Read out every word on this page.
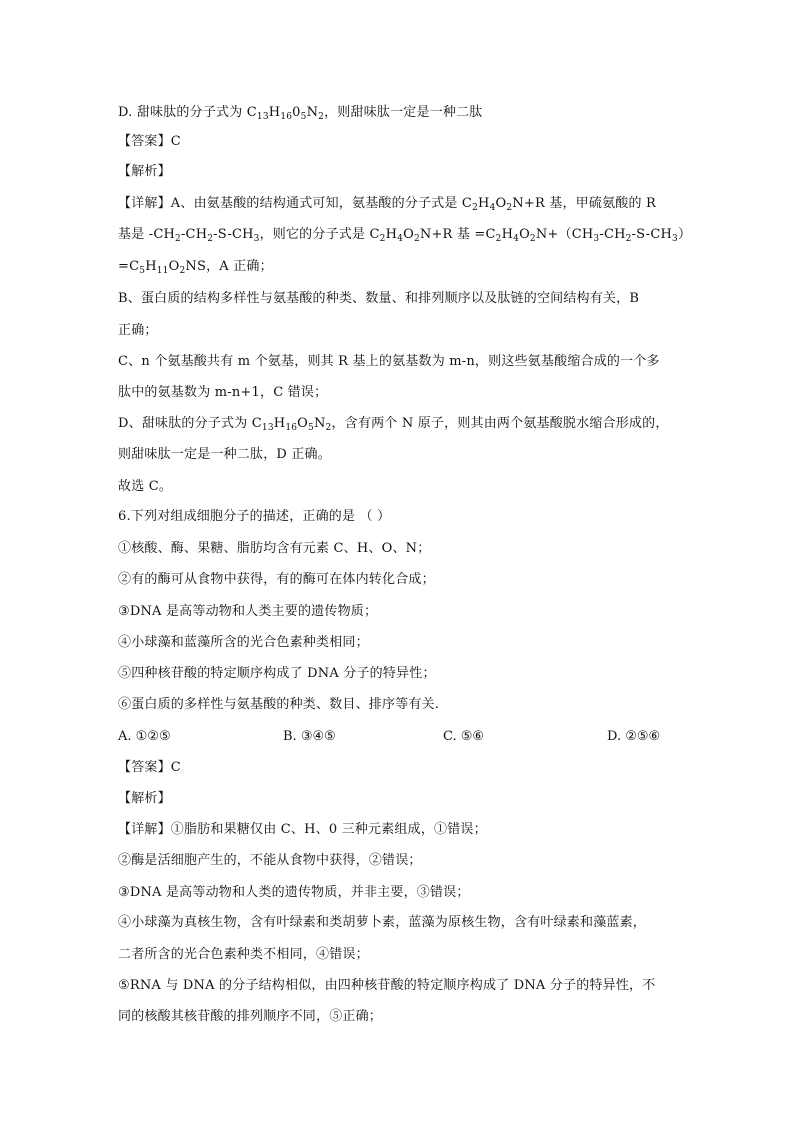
D. 甜味肽的分子式为 $C_{13}H_{16}0_5N_2$，则甜味肽一定是一种二肽
【答案】C
【解析】
【详解】A、由氨基酸的结构通式可知，氨基酸的分子式是 $C_2H_4O_2N+R$ 基，甲硫氨酸的 R
基是 $-CH_2-CH_2-S-CH_3$，则它的分子式是 $C_2H_4O_2N+R$ 基 $=C_2H_4O_2N+(CH_3-CH_2-S-CH_3)$
$=C_5H_{11}O_2NS$，A 正确；
B、蛋白质的结构多样性与氨基酸的种类、数量、和排列顺序以及肽链的空间结构有关，B
正确；
C、n 个氨基酸共有 m 个氨基，则其 R 基上的氨基数为 m-n，则这些氨基酸缩合成的一个多
肽中的氨基数为 m-n+1，C 错误；
D、甜味肽的分子式为 $C_{13}H_{16}O_5N_2$，含有两个 N 原子，则其由两个氨基酸脱水缩合形成的，
则甜味肽一定是一种二肽，D 正确。
故选 C。
6.下列对组成细胞分子的描述，正确的是 （ ）
①核酸、酶、果糖、脂肪均含有元素 C、H、O、N；
②有的酶可从食物中获得，有的酶可在体内转化合成；
③DNA 是高等动物和人类主要的遗传物质；
④小球藻和蓝藻所含的光合色素种类相同；
⑤四种核苷酸的特定顺序构成了 DNA 分子的特异性；
⑥蛋白质的多样性与氨基酸的种类、数目、排序等有关.
A. ①②⑤	B. ③④⑤	C. ⑤⑥	D. ②⑤⑥
【答案】C
【解析】
【详解】①脂肪和果糖仅由 C、H、0 三种元素组成，①错误；
②酶是活细胞产生的，不能从食物中获得，②错误；
③DNA 是高等动物和人类的遗传物质，并非主要，③错误；
④小球藻为真核生物，含有叶绿素和类胡萝卜素，蓝藻为原核生物，含有叶绿素和藻蓝素，
二者所含的光合色素种类不相同，④错误；
⑤RNA 与 DNA 的分子结构相似，由四种核苷酸的特定顺序构成了 DNA 分子的特异性，不
同的核酸其核苷酸的排列顺序不同，⑤正确；
